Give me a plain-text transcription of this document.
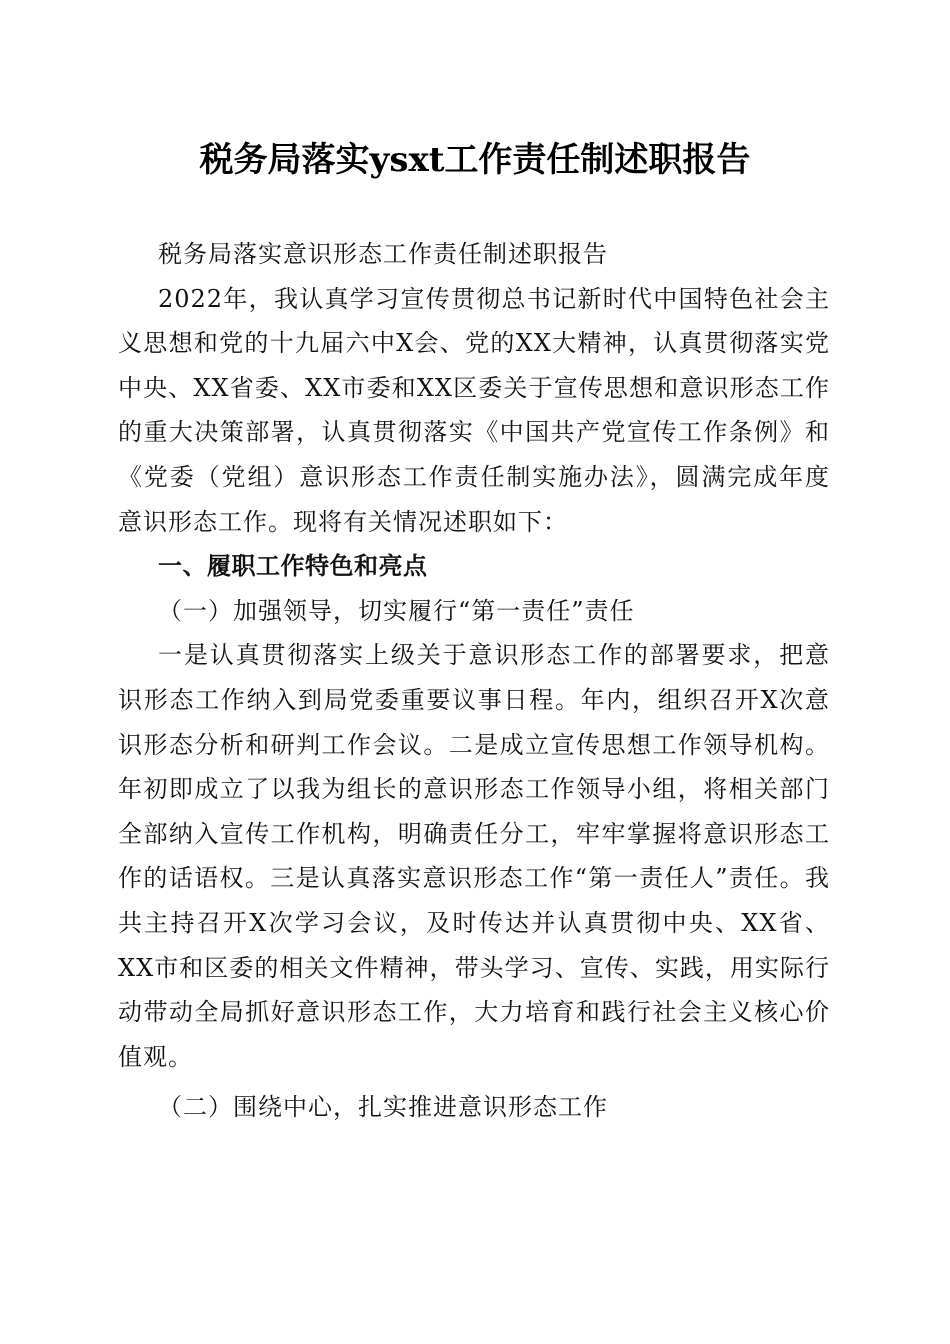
税务局落实ysxt工作责任制述职报告

税务局落实意识形态工作责任制述职报告

2022年，我认真学习宣传贯彻总书记新时代中国特色社会主义思想和党的十九届六中X会、党的XX大精神，认真贯彻落实党中央、XX省委、XX市委和XX区委关于宣传思想和意识形态工作的重大决策部署，认真贯彻落实《中国共产党宣传工作条例》和《党委（党组）意识形态工作责任制实施办法》，圆满完成年度意识形态工作。现将有关情况述职如下：

一、履职工作特色和亮点

（一）加强领导，切实履行“第一责任”责任

一是认真贯彻落实上级关于意识形态工作的部署要求，把意识形态工作纳入到局党委重要议事日程。年内，组织召开X次意识形态分析和研判工作会议。二是成立宣传思想工作领导机构。年初即成立了以我为组长的意识形态工作领导小组，将相关部门全部纳入宣传工作机构，明确责任分工，牢牢掌握将意识形态工作的话语权。三是认真落实意识形态工作“第一责任人”责任。我共主持召开X次学习会议，及时传达并认真贯彻中央、XX省、XX市和区委的相关文件精神，带头学习、宣传、实践，用实际行动带动全局抓好意识形态工作，大力培育和践行社会主义核心价值观。

（二）围绕中心，扎实推进意识形态工作
